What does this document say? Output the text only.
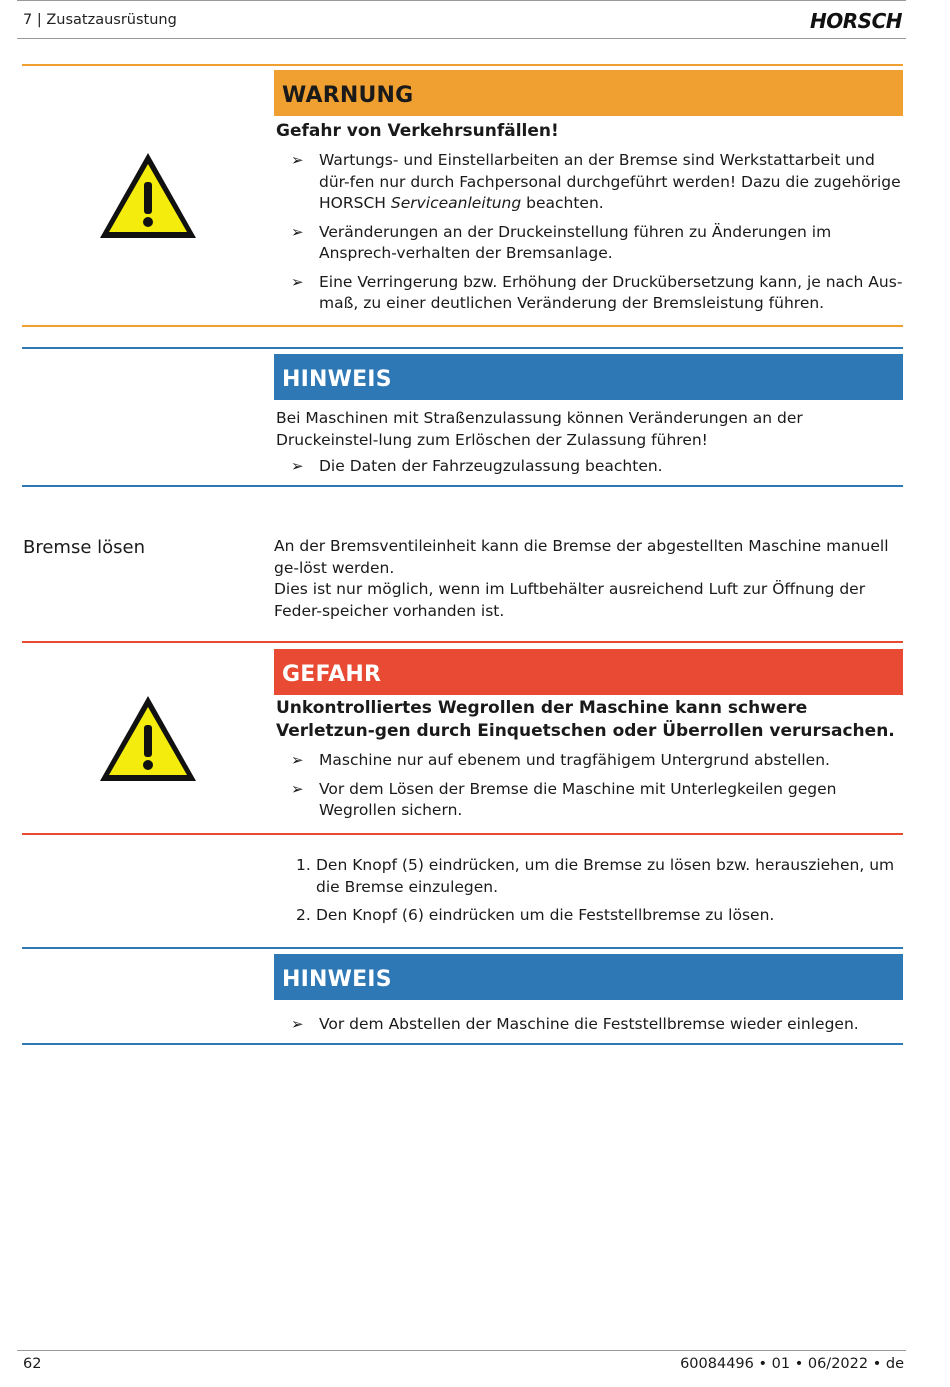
7 | Zusatzausrüstung	HORSCH
WARNUNG
Gefahr von Verkehrsunfällen!
➢ Wartungs- und Einstellarbeiten an der Bremse sind Werkstattarbeit und dür-fen nur durch Fachpersonal durchgeführt werden! Dazu die zugehörige HORSCH Serviceanleitung beachten.
➢ Veränderungen an der Druckeinstellung führen zu Änderungen im Ansprech-verhalten der Bremsanlage.
➢ Eine Verringerung bzw. Erhöhung der Druckübersetzung kann, je nach Aus-maß, zu einer deutlichen Veränderung der Bremsleistung führen.
HINWEIS
Bei Maschinen mit Straßenzulassung können Veränderungen an der Druckeinstel-lung zum Erlöschen der Zulassung führen!
➢ Die Daten der Fahrzeugzulassung beachten.
Bremse lösen	An der Bremsventileinheit kann die Bremse der abgestellten Maschine manuell ge-löst werden.
Dies ist nur möglich, wenn im Luftbehälter ausreichend Luft zur Öffnung der Feder-speicher vorhanden ist.
GEFAHR
Unkontrolliertes Wegrollen der Maschine kann schwere Verletzun-gen durch Einquetschen oder Überrollen verursachen.
➢ Maschine nur auf ebenem und tragfähigem Untergrund abstellen.
➢ Vor dem Lösen der Bremse die Maschine mit Unterlegkeilen gegen Wegrollen sichern.
1. Den Knopf (5) eindrücken, um die Bremse zu lösen bzw. herausziehen, um die Bremse einzulegen.
2. Den Knopf (6) eindrücken um die Feststellbremse zu lösen.
HINWEIS
➢ Vor dem Abstellen der Maschine die Feststellbremse wieder einlegen.
62	60084496 • 01 • 06/2022 • de
